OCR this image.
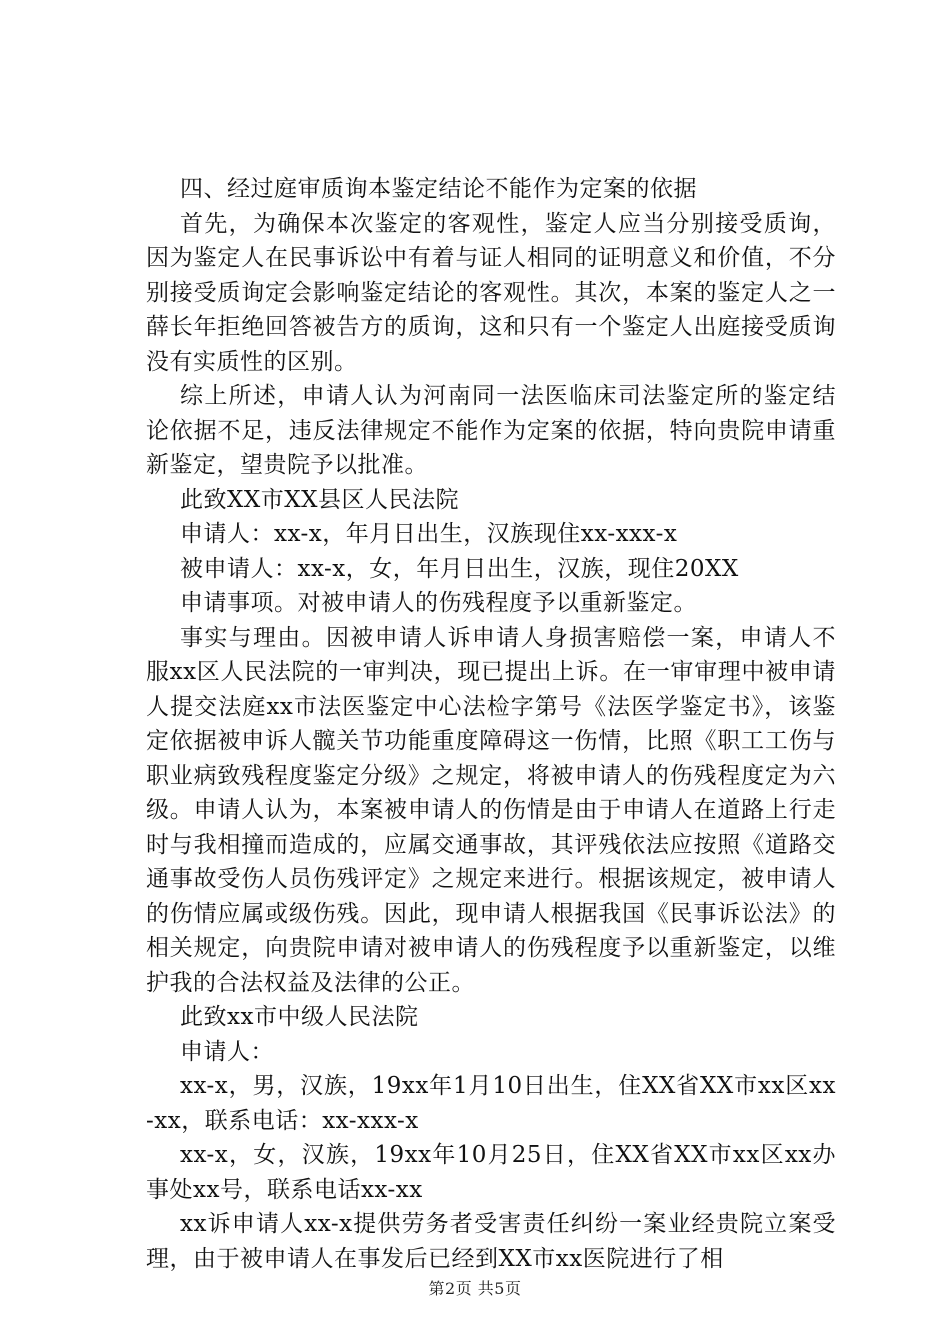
四、经过庭审质询本鉴定结论不能作为定案的依据

首先，为确保本次鉴定的客观性，鉴定人应当分别接受质询，因为鉴定人在民事诉讼中有着与证人相同的证明意义和价值，不分别接受质询定会影响鉴定结论的客观性。其次，本案的鉴定人之一薛长年拒绝回答被告方的质询，这和只有一个鉴定人出庭接受质询没有实质性的区别。

综上所述，申请人认为河南同一法医临床司法鉴定所的鉴定结论依据不足，违反法律规定不能作为定案的依据，特向贵院申请重新鉴定，望贵院予以批准。

此致XX市XX县区人民法院

申请人：xx-x，年月日出生，汉族现住xx-xxx-x

被申请人：xx-x，女，年月日出生，汉族，现住20XX

申请事项。对被申请人的伤残程度予以重新鉴定。

事实与理由。因被申请人诉申请人身损害赔偿一案，申请人不服xx区人民法院的一审判决，现已提出上诉。在一审审理中被申请人提交法庭xx市法医鉴定中心法检字第号《法医学鉴定书》，该鉴定依据被申诉人髋关节功能重度障碍这一伤情，比照《职工工伤与职业病致残程度鉴定分级》之规定，将被申请人的伤残程度定为六级。申请人认为，本案被申请人的伤情是由于申请人在道路上行走时与我相撞而造成的，应属交通事故，其评残依法应按照《道路交通事故受伤人员伤残评定》之规定来进行。根据该规定，被申请人的伤情应属或级伤残。因此，现申请人根据我国《民事诉讼法》的相关规定，向贵院申请对被申请人的伤残程度予以重新鉴定，以维护我的合法权益及法律的公正。

此致xx市中级人民法院

申请人：

xx-x，男，汉族，19xx年1月10日出生，住XX省XX市xx区xx-xx，联系电话：xx-xxx-x

xx-x，女，汉族，19xx年10月25日，住XX省XX市xx区xx办事处xx号，联系电话xx-xx

xx诉申请人xx-x提供劳务者受害责任纠纷一案业经贵院立案受理，由于被申请人在事发后已经到XX市xx医院进行了相

第2页 共5页
